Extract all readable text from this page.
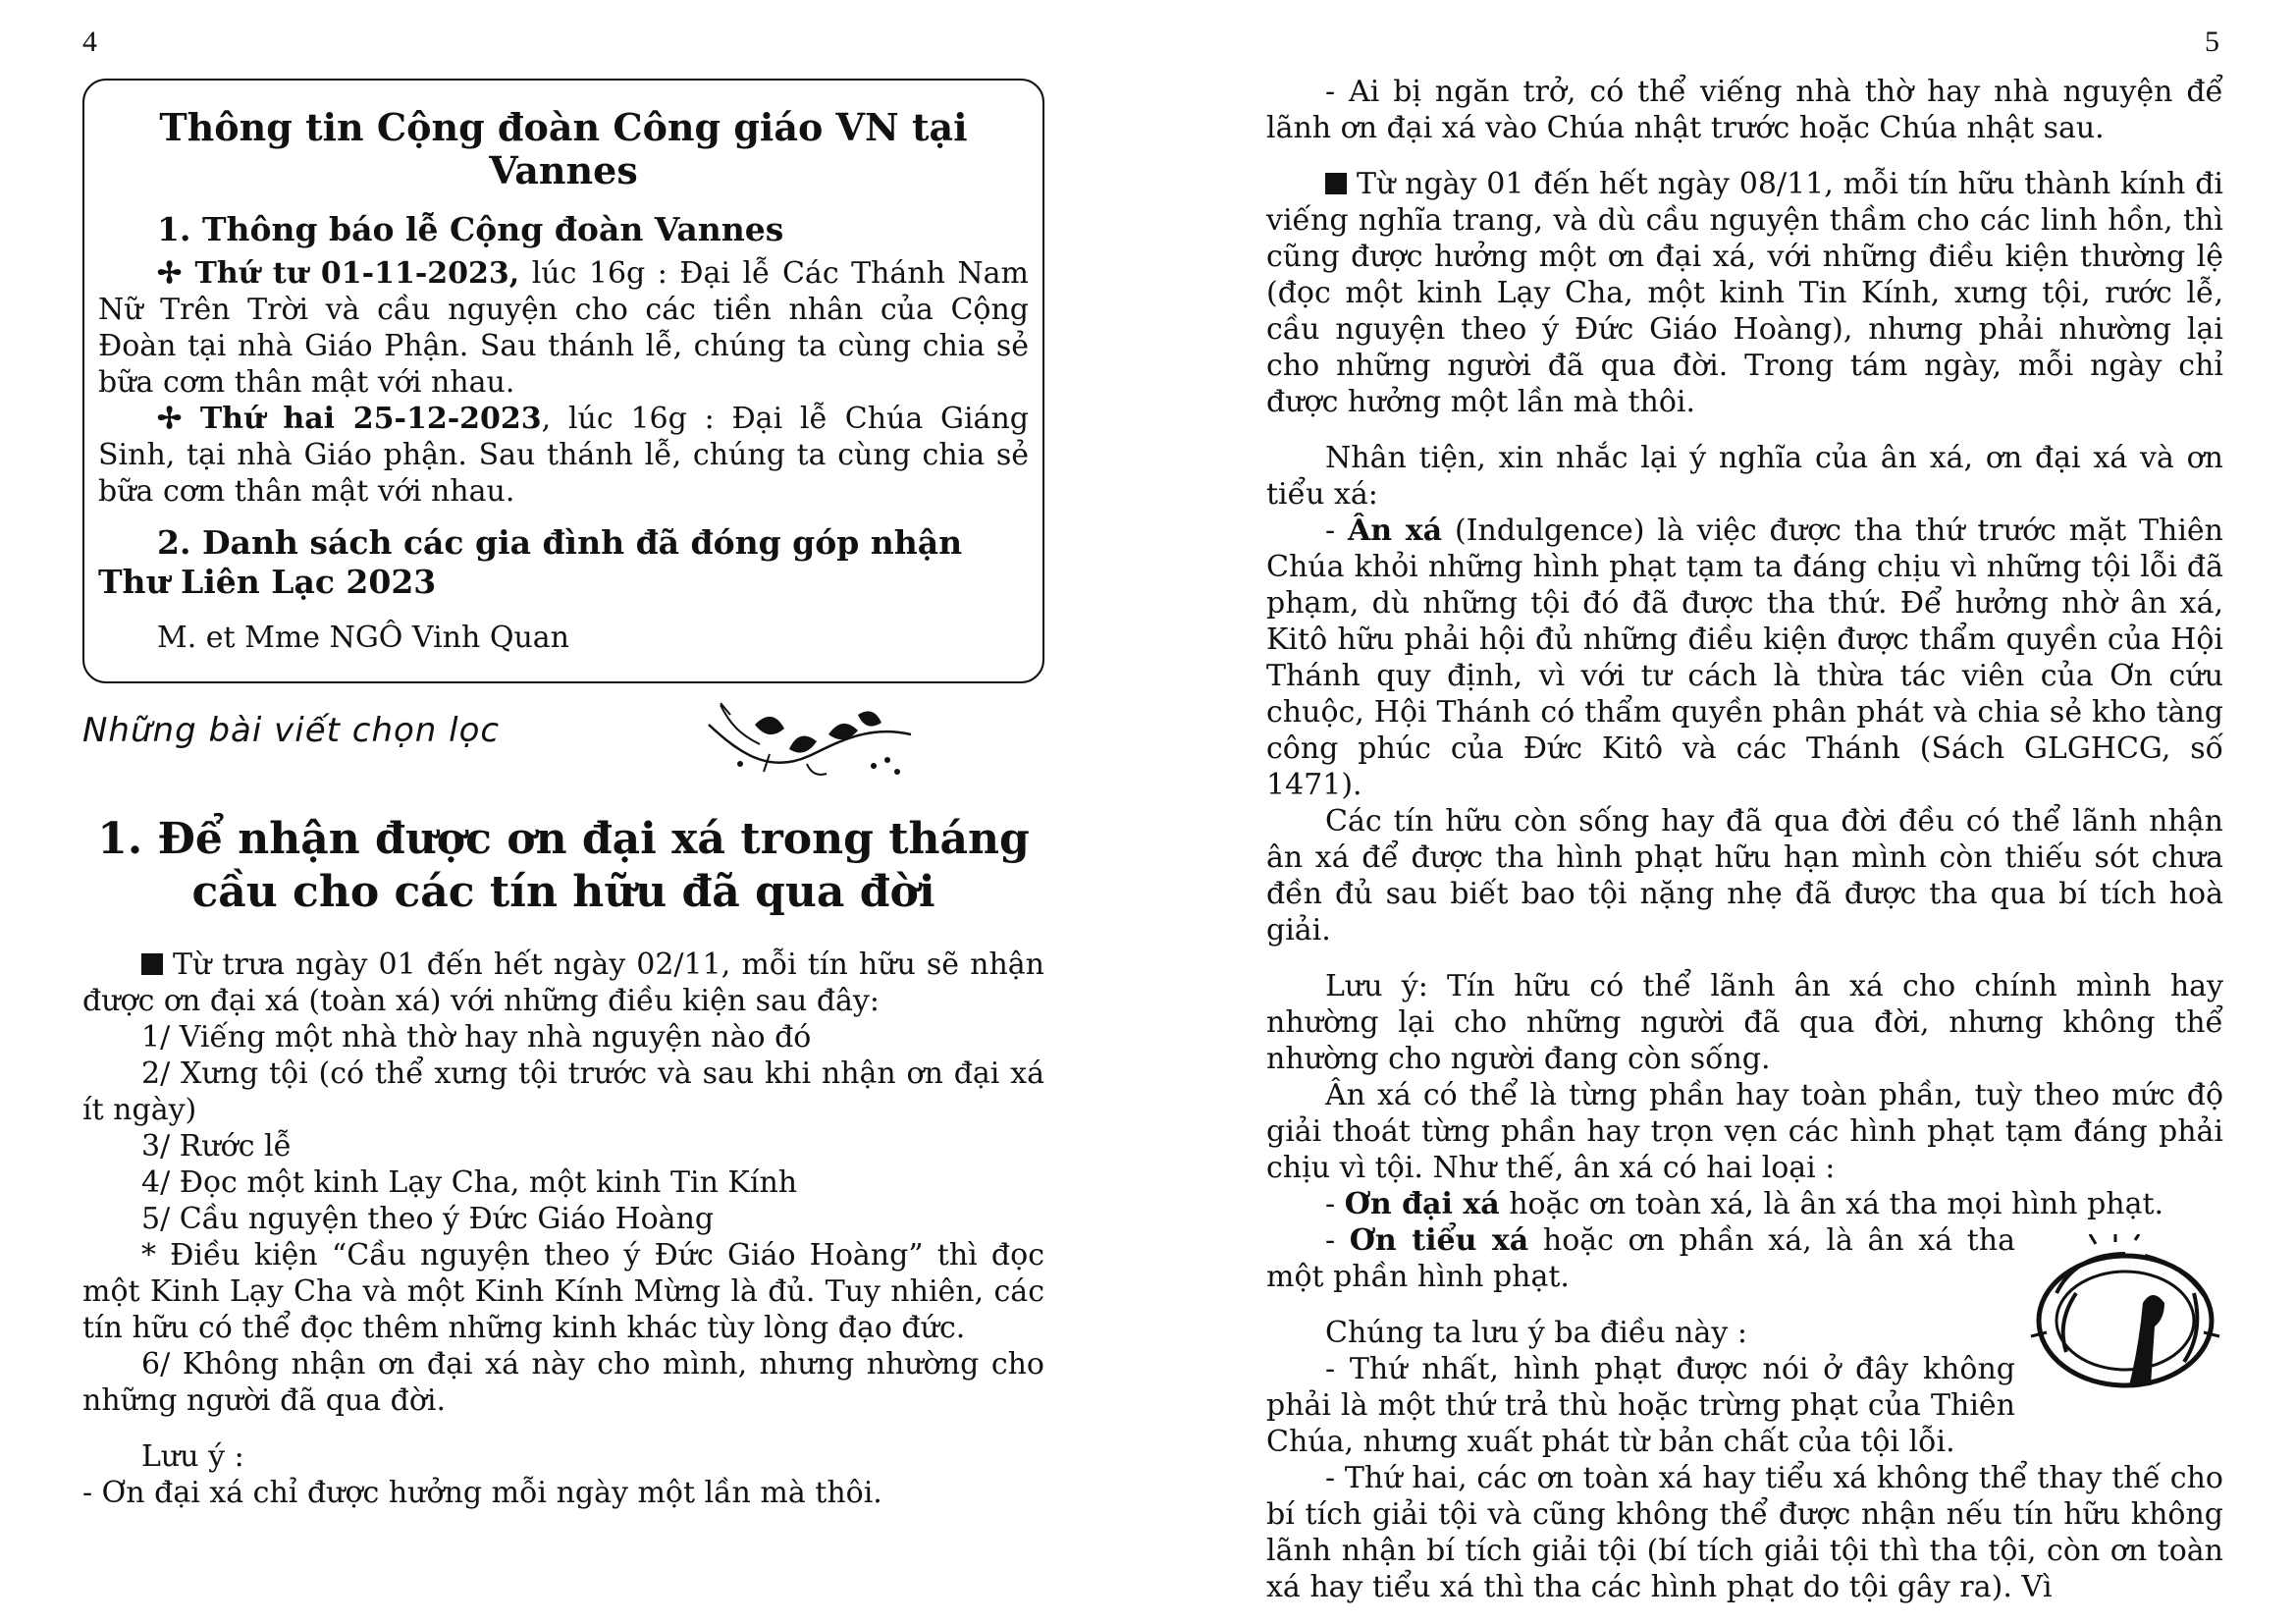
4	5

Thông tin Cộng đoàn Công giáo VN tại Vannes

1. Thông báo lễ Cộng đoàn Vannes

✢ Thứ tư 01-11-2023, lúc 16g : Đại lễ Các Thánh Nam Nữ Trên Trời và cầu nguyện cho các tiền nhân của Cộng Đoàn tại nhà Giáo Phận. Sau thánh lễ, chúng ta cùng chia sẻ bữa cơm thân mật với nhau.

✢ Thứ hai 25-12-2023, lúc 16g : Đại lễ Chúa Giáng Sinh, tại nhà Giáo phận. Sau thánh lễ, chúng ta cùng chia sẻ bữa cơm thân mật với nhau.

2. Danh sách các gia đình đã đóng góp nhận Thư Liên Lạc 2023

M. et Mme NGÔ Vinh Quan

Những bài viết chọn lọc

1. Để nhận được ơn đại xá trong tháng cầu cho các tín hữu đã qua đời

Từ trưa ngày 01 đến hết ngày 02/11, mỗi tín hữu sẽ nhận được ơn đại xá (toàn xá) với những điều kiện sau đây:

1/ Viếng một nhà thờ hay nhà nguyện nào đó

2/ Xưng tội (có thể xưng tội trước và sau khi nhận ơn đại xá ít ngày)

3/ Rước lễ

4/ Đọc một kinh Lạy Cha, một kinh Tin Kính

5/ Cầu nguyện theo ý Đức Giáo Hoàng

* Điều kiện “Cầu nguyện theo ý Đức Giáo Hoàng” thì đọc một Kinh Lạy Cha và một Kinh Kính Mừng là đủ. Tuy nhiên, các tín hữu có thể đọc thêm những kinh khác tùy lòng đạo đức.

6/ Không nhận ơn đại xá này cho mình, nhưng nhường cho những người đã qua đời.

Lưu ý :

- Ơn đại xá chỉ được hưởng mỗi ngày một lần mà thôi.

- Ai bị ngăn trở, có thể viếng nhà thờ hay nhà nguyện để lãnh ơn đại xá vào Chúa nhật trước hoặc Chúa nhật sau.

Từ ngày 01 đến hết ngày 08/11, mỗi tín hữu thành kính đi viếng nghĩa trang, và dù cầu nguyện thầm cho các linh hồn, thì cũng được hưởng một ơn đại xá, với những điều kiện thường lệ (đọc một kinh Lạy Cha, một kinh Tin Kính, xưng tội, rước lễ, cầu nguyện theo ý Đức Giáo Hoàng), nhưng phải nhường lại cho những người đã qua đời. Trong tám ngày, mỗi ngày chỉ được hưởng một lần mà thôi.

Nhân tiện, xin nhắc lại ý nghĩa của ân xá, ơn đại xá và ơn tiểu xá:

- Ân xá (Indulgence) là việc được tha thứ trước mặt Thiên Chúa khỏi những hình phạt tạm ta đáng chịu vì những tội lỗi đã phạm, dù những tội đó đã được tha thứ. Để hưởng nhờ ân xá, Kitô hữu phải hội đủ những điều kiện được thẩm quyền của Hội Thánh quy định, vì với tư cách là thừa tác viên của Ơn cứu chuộc, Hội Thánh có thẩm quyền phân phát và chia sẻ kho tàng công phúc của Đức Kitô và các Thánh (Sách GLGHCG, số 1471).

Các tín hữu còn sống hay đã qua đời đều có thể lãnh nhận ân xá để được tha hình phạt hữu hạn mình còn thiếu sót chưa đền đủ sau biết bao tội nặng nhẹ đã được tha qua bí tích hoà giải.

Lưu ý: Tín hữu có thể lãnh ân xá cho chính mình hay nhường lại cho những người đã qua đời, nhưng không thể nhường cho người đang còn sống.

Ân xá có thể là từng phần hay toàn phần, tuỳ theo mức độ giải thoát từng phần hay trọn vẹn các hình phạt tạm đáng phải chịu vì tội. Như thế, ân xá có hai loại :

- Ơn đại xá hoặc ơn toàn xá, là ân xá tha mọi hình phạt.

- Ơn tiểu xá hoặc ơn phần xá, là ân xá tha một phần hình phạt.

Chúng ta lưu ý ba điều này :

- Thứ nhất, hình phạt được nói ở đây không phải là một thứ trả thù hoặc trừng phạt của Thiên Chúa, nhưng xuất phát từ bản chất của tội lỗi.

- Thứ hai, các ơn toàn xá hay tiểu xá không thể thay thế cho bí tích giải tội và cũng không thể được nhận nếu tín hữu không lãnh nhận bí tích giải tội (bí tích giải tội thì tha tội, còn ơn toàn xá hay tiểu xá thì tha các hình phạt do tội gây ra). Vì
